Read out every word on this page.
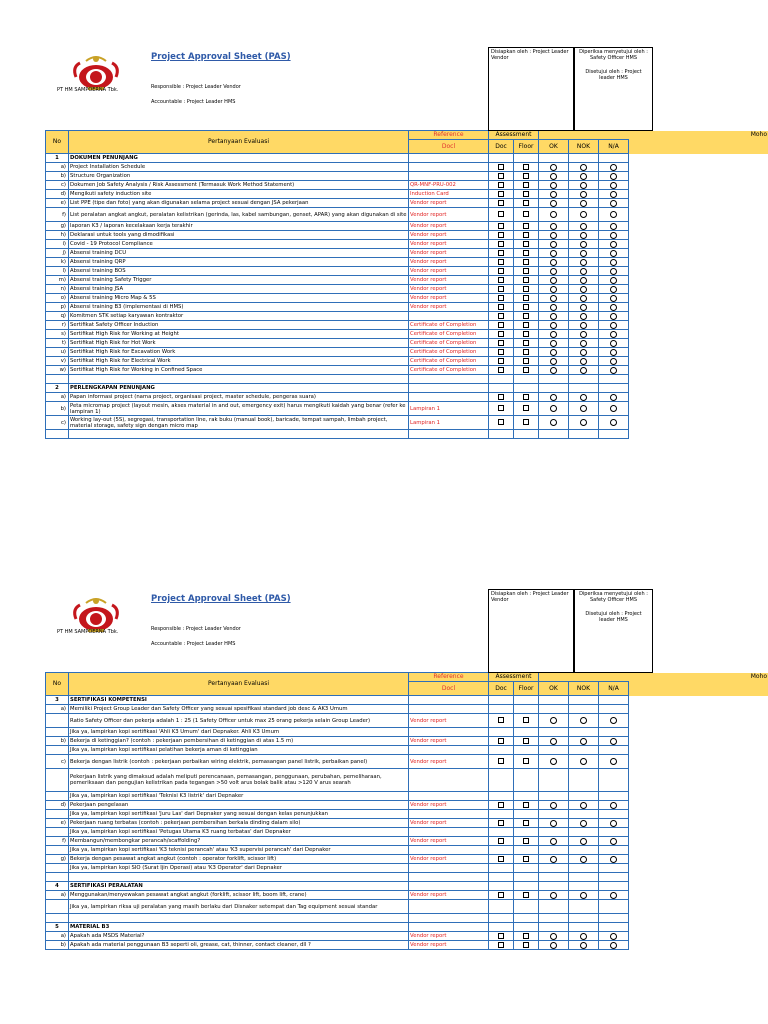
PT HM SAMPOERNA Tbk.
Project Approval Sheet (PAS)
Responsible : Project Leader Vendor
Accountable : Project Leader HMS
Disiapkan oleh : Project Leader Vendor
Diperiksa menyetujui oleh : Safety Officer HMS
Disetujui oleh : Project leader HMS
No	Pertanyaan Evaluasi	Reference	Assessment					Moho
		Docl	Doc	Floor	OK	NOK	N/A	
1	DOKUMEN PENUNJANG							
a)	Project Installation Schedule							
b)	Structure Organization							
c)	Dokumen Job Safety Analysis / Risk Assessment (Termasuk Work Method Statement)	QR-MNF-PRU-002						
d)	Mengikuti safety induction site	Induction Card						
e)	List PPE (tipe dan foto) yang akan digunakan selama project sesuai dengan JSA pekerjaan	Vendor report						
f)	List peralatan angkat angkut, peralatan kelistrikan (gerinda, las, kabel sambungan, genset, APAR) yang akan digunakan di site	Vendor report						
g)	laporan K3 / laporan kecelakaan kerja terakhir	Vendor report						
h)	Deklarasi untuk tools yang dimodifikasi	Vendor report						
i)	Covid - 19 Protocol Compliance	Vendor report						
j)	Absensi training DCU	Vendor report						
k)	Absensi training QRP	Vendor report						
l)	Absensi training BOS	Vendor report						
m)	Absensi training Safety Trigger	Vendor report						
n)	Absensi training JSA	Vendor report						
o)	Absensi training Micro Map & 5S	Vendor report						
p)	Absensi training B3 (implementasi di HMS)	Vendor report						
q)	Komitmen STK setiap karyawan kontraktor							
r)	Sertifikat Safety Officer Induction	Certificate of Completion						
s)	Sertifikat High Risk for Working at Height	Certificate of Completion						
t)	Sertifikat High Risk for Hot Work	Certificate of Completion						
u)	Sertifikat High Risk for Excavation Work	Certificate of Completion						
v)	Sertifikat High Risk for Electrical Work	Certificate of Completion						
w)	Sertifikat High Risk for Working in Confined Space	Certificate of Completion						

2	PERLENGKAPAN PENUNJANG							
a)	Papan informasi project (nama project, organisasi project, master schedule, pengeras suara)							
b)	Peta micromap project (layout mesin, akses material in and out, emergency exit) harus mengikuti kaidah yang benar (refer ke lampiran 1)	Lampiran 1						
c)	Working lay-out (5S), segregasi, transportation line, rak buku (manual book), baricade, tempat sampah, limbah project, material storage, safety sign dengan micro map	Lampiran 1						

PT HM SAMPOERNA Tbk.
Project Approval Sheet (PAS)
Responsible : Project Leader Vendor
Accountable : Project Leader HMS
Disiapkan oleh : Project Leader Vendor
Diperiksa menyetujui oleh : Safety Officer HMS
Disetujui oleh : Project leader HMS
No	Pertanyaan Evaluasi	Reference	Assessment					Moho
		Docl	Doc	Floor	OK	NOK	N/A	
3	SERTIFIKASI KOMPETENSI							
a)	Memiliki Project Group Leader dan Safety Officer yang sesuai spesifikasi standard job desc & AK3 Umum							
	Ratio Safety Officer dan pekerja adalah 1 : 25 (1 Safety Officer untuk max 25 orang pekerja selain Group Leader)	Vendor report						
	Jika ya, lampirkan kopi sertifikasi 'Ahli K3 Umum' dari Depnaker. Ahli K3 Umum							
b)	Bekerja di ketinggian? (contoh : pekerjaan pembersihan di ketinggian di atas 1.5 m)	Vendor report						
	Jika ya, lampirkan kopi sertifikasi pelatihan bekerja aman di ketinggian							
c)	Bekerja dengan listrik (contoh : pekerjaan perbaikan wiring elektrik, pemasangan panel listrik, perbaikan panel)	Vendor report						
	Pekerjaan listrik yang dimaksud adalah meliputi perencanaan, pemasangan, penggunaan, perubahan, pemeliharaan, pemeriksaan dan pengujian kelistrikan pada tegangan >50 volt arus bolak balik atau >120 V arus searah							
	Jika ya, lampirkan kopi sertifikasi 'Teknisi K3 listrik' dari Depnaker							
d)	Pekerjaan pengelasan	Vendor report						
	Jika ya, lampirkan kopi sertifikasi 'Juru Las' dari Depnaker yang sesuai dengan kelas penunjukkan							
e)	Pekerjaan ruang terbatas (contoh : pekerjaan pembersihan berkala dinding dalam silo)	Vendor report						
	Jika ya, lampirkan kopi sertifikasi 'Petugas Utama K3 ruang terbatas' dari Depnaker							
f)	Membangun/membongkar perancah/scaffolding?	Vendor report						
	Jika ya, lampirkan kopi sertifikasi 'K3 teknisi perancah' atau 'K3 supervisi perancah' dari Depnaker							
g)	Bekerja dengan pesawat angkat angkut (contoh : operator forklift, scissor lift)	Vendor report						
	Jika ya, lampirkan kopi SIO (Surat Ijin Operasi) atau 'K3 Operator' dari Depnaker							

4	SERTIFIKASI PERALATAN							
a)	Menggunakan/menyewakan pesawat angkat angkut (forklift, scissor lift, boom lift, crane)	Vendor report						
	Jika ya, lampirkan riksa uji peralatan yang masih berlaku dari Disnaker setempat dan Tag equipment sesuai standar							

5	MATERIAL B3							
a)	Apakah ada MSDS Material?	Vendor report						
b)	Apakah ada material penggunaan B3 seperti oli, grease, cat, thinner, contact cleaner, dll ?	Vendor report						
